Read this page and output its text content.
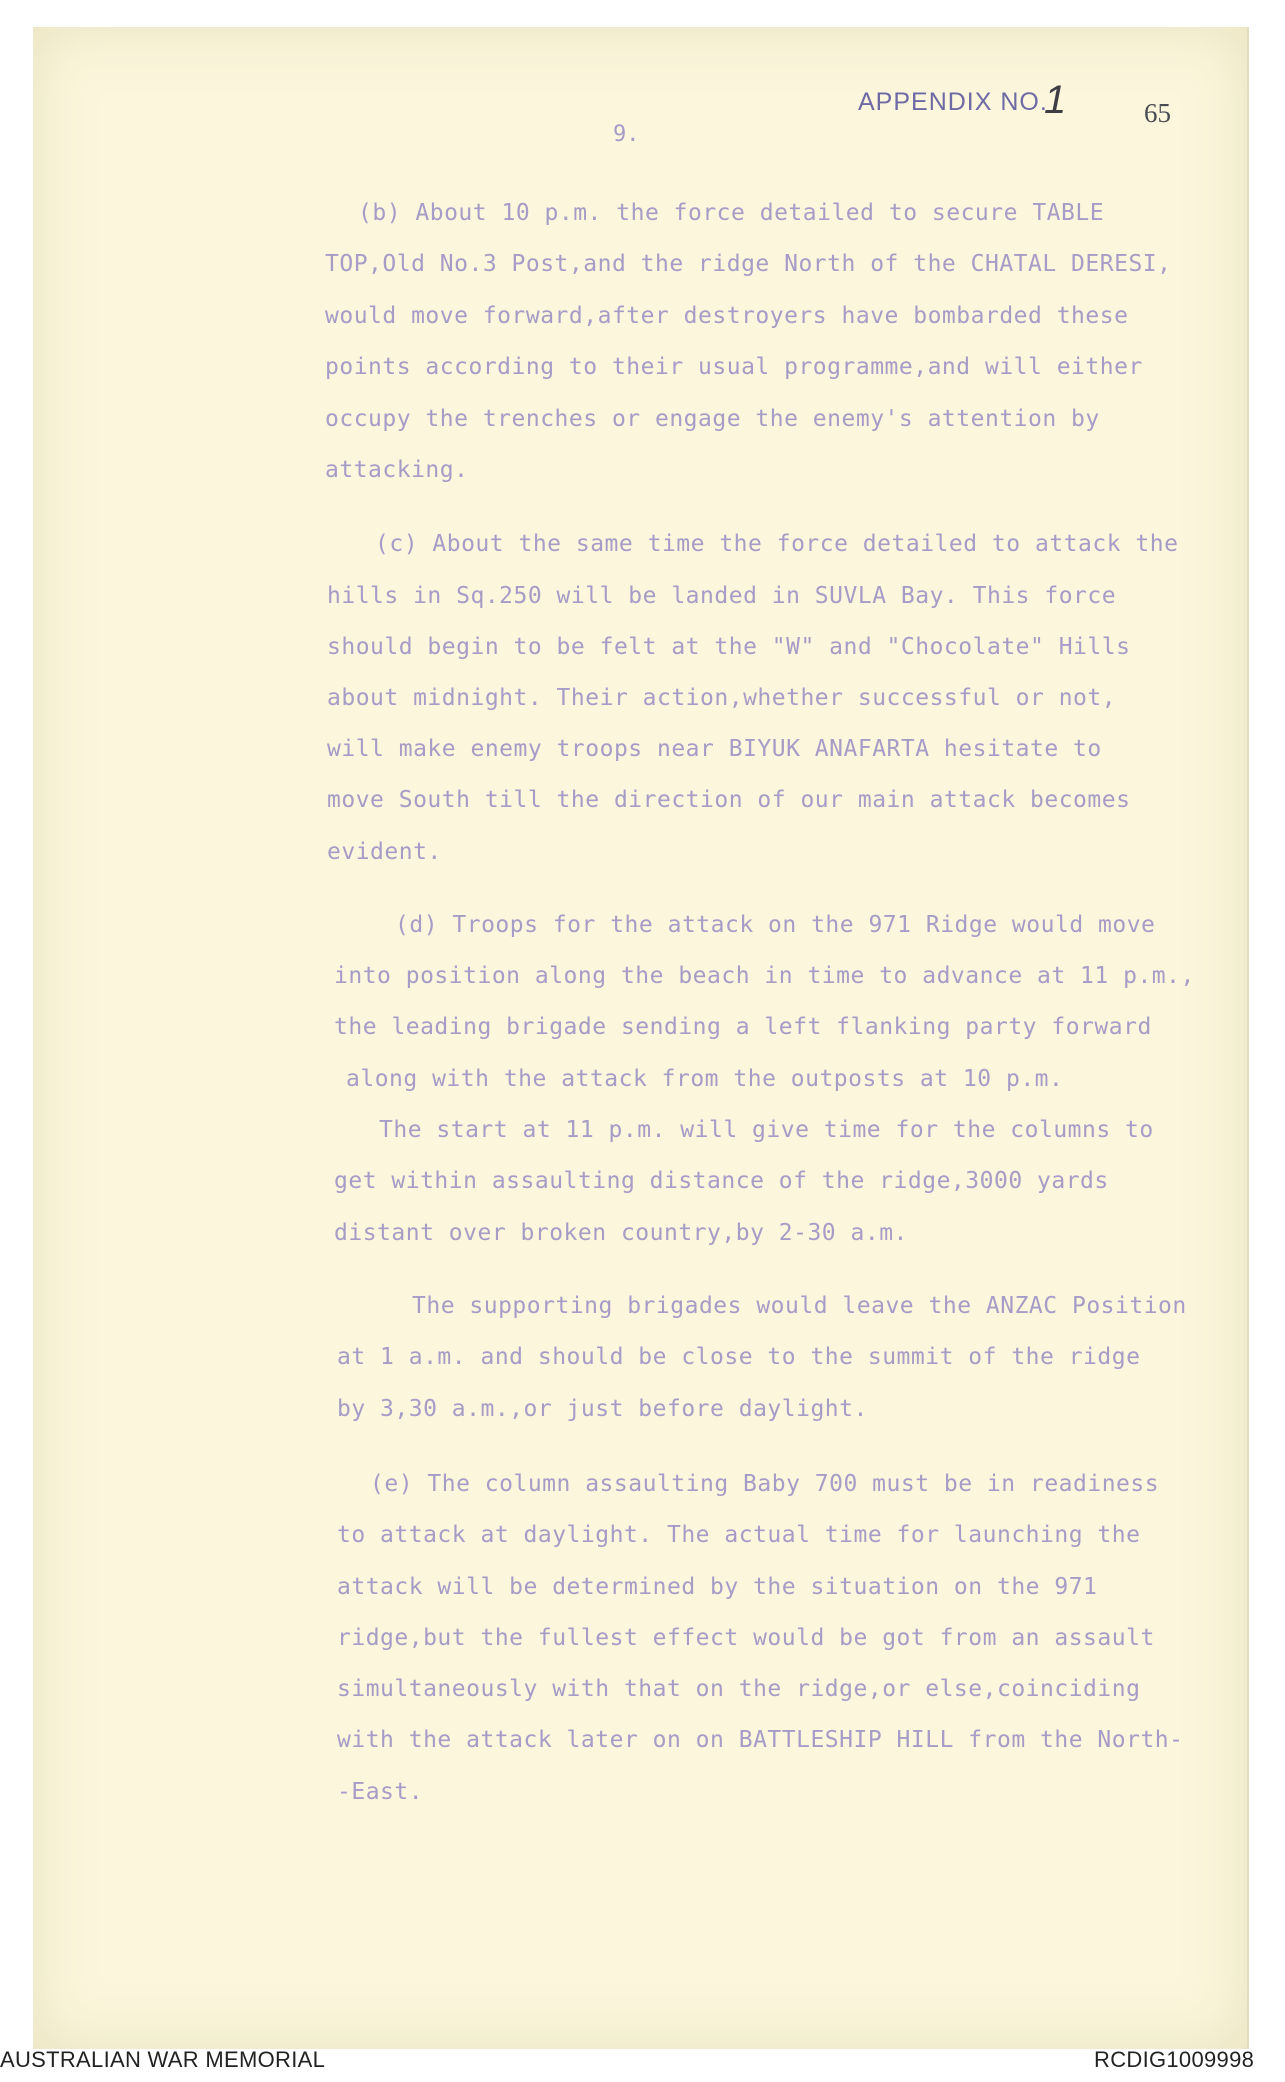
APPENDIX NO.
1	65
9.
(b) About 10 p.m. the force detailed to secure TABLE
TOP,Old No.3 Post,and the ridge North of the CHATAL DERESI,
would move forward,after destroyers have bombarded these
points according to their usual programme,and will either
occupy the trenches or engage the enemy's attention by
attacking.
(c) About the same time the force detailed to attack the
hills in Sq.250 will be landed in SUVLA Bay. This force
should begin to be felt at the "W" and "Chocolate" Hills
about midnight. Their action,whether successful or not,
will make enemy troops near BIYUK ANAFARTA hesitate to
move South till the direction of our main attack becomes
evident.
(d) Troops for the attack on the 971 Ridge would move
into position along the beach in time to advance at 11 p.m.,
the leading brigade sending a left flanking party forward
along with the attack from the outposts at 10 p.m.
The start at 11 p.m. will give time for the columns to
get within assaulting distance of the ridge,3000 yards
distant over broken country,by 2-30 a.m.
The supporting brigades would leave the ANZAC Position
at 1 a.m. and should be close to the summit of the ridge
by 3,30 a.m.,or just before daylight.
(e) The column assaulting Baby 700 must be in readiness
to attack at daylight. The actual time for launching the
attack will be determined by the situation on the 971
ridge,but the fullest effect would be got from an assault
simultaneously with that on the ridge,or else,coinciding
with the attack later on on BATTLESHIP HILL from the North-
-East.
AUSTRALIAN WAR MEMORIAL	RCDIG1009998
